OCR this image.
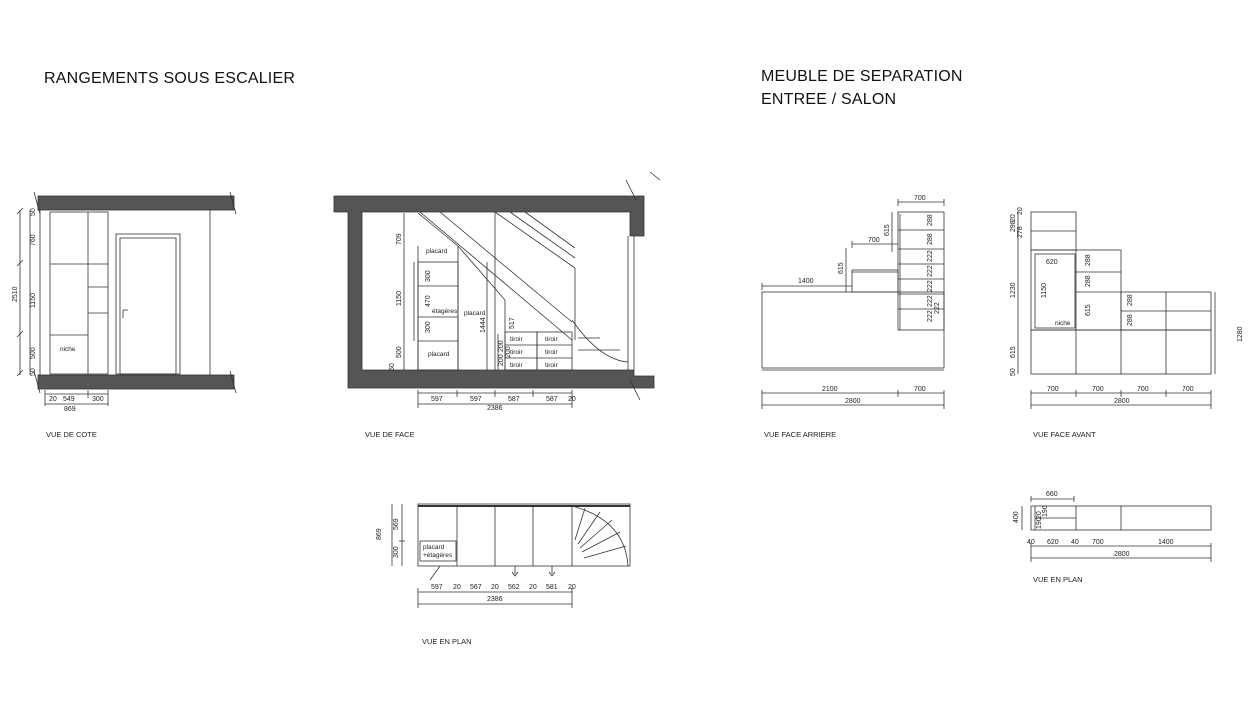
RANGEMENTS SOUS ESCALIER	MEUBLE DE SEPARATION
ENTREE / SALON
niche
50
760
2510 1150
500
50
20 549 300
869
placard
étagères placard
placard
tiroir
tiroir
tiroir
tiroir
tiroir
tiroir
709
300
470
300
1150
500
50
1444	517
200
200
200
597	597	587	587 20
2386
placard
+étagères
869
569
300
597 20 567 20 562 20 581 20
2386
700
615
700
615
1400
288
288
222
222
222
222
222
222
2100	700
2800
niche
298
20
278
20
1230
615
50
620
1150
288
288
615
288
288
1280
700	700	700	700
2800
660
400
190
20 190
40 620 40 700	1400
2800
VUE DE COTE	VUE DE FACE
VUE EN PLAN
VUE FACE ARRIERE	VUE FACE AVANT
VUE EN PLAN
